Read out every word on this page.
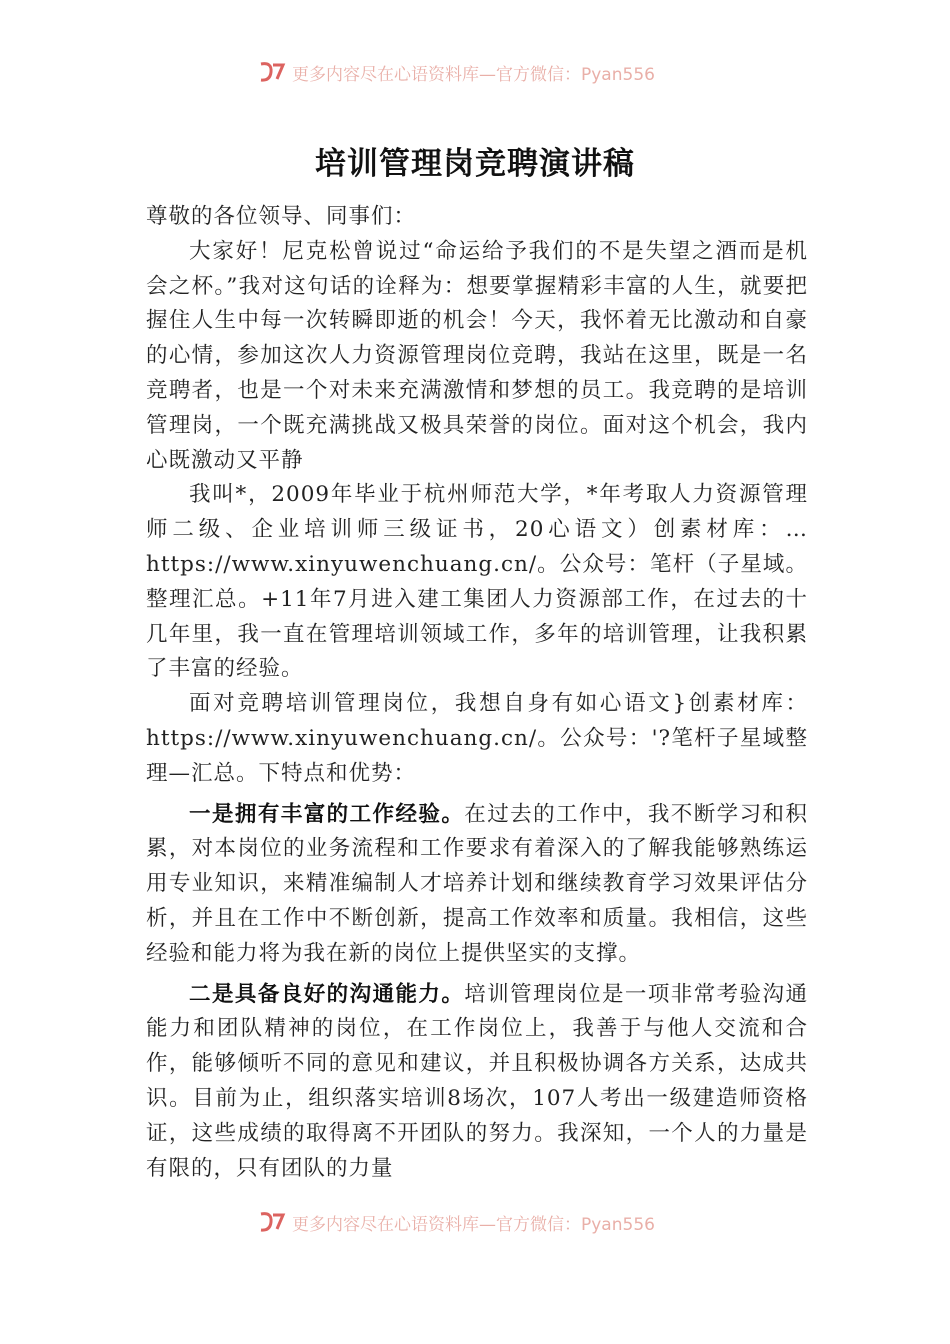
更多内容尽在心语资料库—官方微信：Pyan556
培训管理岗竞聘演讲稿

尊敬的各位领导、同事们：

大家好！尼克松曾说过“命运给予我们的不是失望之酒而是机会之杯。”我对这句话的诠释为：想要掌握精彩丰富的人生，就要把握住人生中每一次转瞬即逝的机会！今天，我怀着无比激动和自豪的心情，参加这次人力资源管理岗位竞聘，我站在这里，既是一名竞聘者，也是一个对未来充满激情和梦想的员工。我竞聘的是培训管理岗，一个既充满挑战又极具荣誉的岗位。面对这个机会，我内心既激动又平静

我叫*，2009年毕业于杭州师范大学，*年考取人力资源管理师二级、企业培训师三级证书，20心语文）创素材库：…https://www.xinyuwenchuang.cn/。公众号：笔杆（子星域。整理汇总。+11年7月进入建工集团人力资源部工作，在过去的十几年里，我一直在管理培训领域工作，多年的培训管理，让我积累了丰富的经验。

面对竞聘培训管理岗位，我想自身有如心语文}创素材库：https://www.xinyuwenchuang.cn/。公众号：'?笔杆子星域整理—汇总。下特点和优势：

一是拥有丰富的工作经验。在过去的工作中，我不断学习和积累，对本岗位的业务流程和工作要求有着深入的了解我能够熟练运用专业知识，来精准编制人才培养计划和继续教育学习效果评估分析，并且在工作中不断创新，提高工作效率和质量。我相信，这些经验和能力将为我在新的岗位上提供坚实的支撑。

二是具备良好的沟通能力。培训管理岗位是一项非常考验沟通能力和团队精神的岗位，在工作岗位上，我善于与他人交流和合作，能够倾听不同的意见和建议，并且积极协调各方关系，达成共识。目前为止，组织落实培训8场次，107人考出一级建造师资格证，这些成绩的取得离不开团队的努力。我深知，一个人的力量是有限的，只有团队的力量

更多内容尽在心语资料库—官方微信：Pyan556
